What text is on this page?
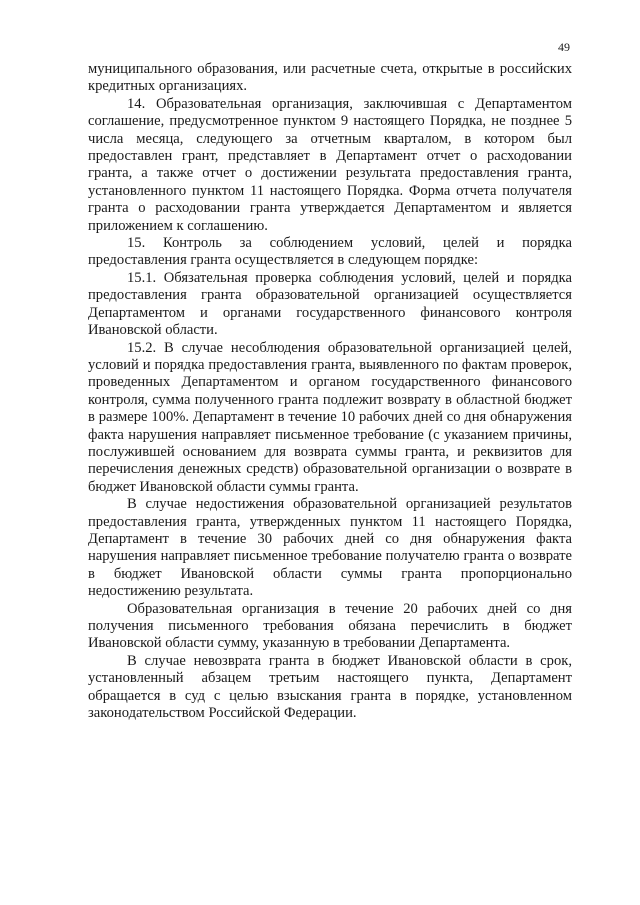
49

муниципального образования, или расчетные счета, открытые в российских кредитных организациях.

14. Образовательная организация, заключившая с Департаментом соглашение, предусмотренное пунктом 9 настоящего Порядка, не позднее 5 числа месяца, следующего за отчетным кварталом, в котором был предоставлен грант, представляет в Департамент отчет о расходовании гранта, а также отчет о достижении результата предоставления гранта, установленного пунктом 11 настоящего Порядка. Форма отчета получателя гранта о расходовании гранта утверждается Департаментом и является приложением к соглашению.

15. Контроль за соблюдением условий, целей и порядка предоставления гранта осуществляется в следующем порядке:

15.1. Обязательная проверка соблюдения условий, целей и порядка предоставления гранта образовательной организацией осуществляется Департаментом и органами государственного финансового контроля Ивановской области.

15.2. В случае несоблюдения образовательной организацией целей, условий и порядка предоставления гранта, выявленного по фактам проверок, проведенных Департаментом и органом государственного финансового контроля, сумма полученного гранта подлежит возврату в областной бюджет в размере 100%. Департамент в течение 10 рабочих дней со дня обнаружения факта нарушения направляет письменное требование (с указанием причины, послужившей основанием для возврата суммы гранта, и реквизитов для перечисления денежных средств) образовательной организации о возврате в бюджет Ивановской области суммы гранта.

В случае недостижения образовательной организацией результатов предоставления гранта, утвержденных пунктом 11 настоящего Порядка, Департамент в течение 30 рабочих дней со дня обнаружения факта нарушения направляет письменное требование получателю гранта о возврате в бюджет Ивановской области суммы гранта пропорционально недостижению результата.

Образовательная организация в течение 20 рабочих дней со дня получения письменного требования обязана перечислить в бюджет Ивановской области сумму, указанную в требовании Департамента.

В случае невозврата гранта в бюджет Ивановской области в срок, установленный абзацем третьим настоящего пункта, Департамент обращается в суд с целью взыскания гранта в порядке, установленном законодательством Российской Федерации.
